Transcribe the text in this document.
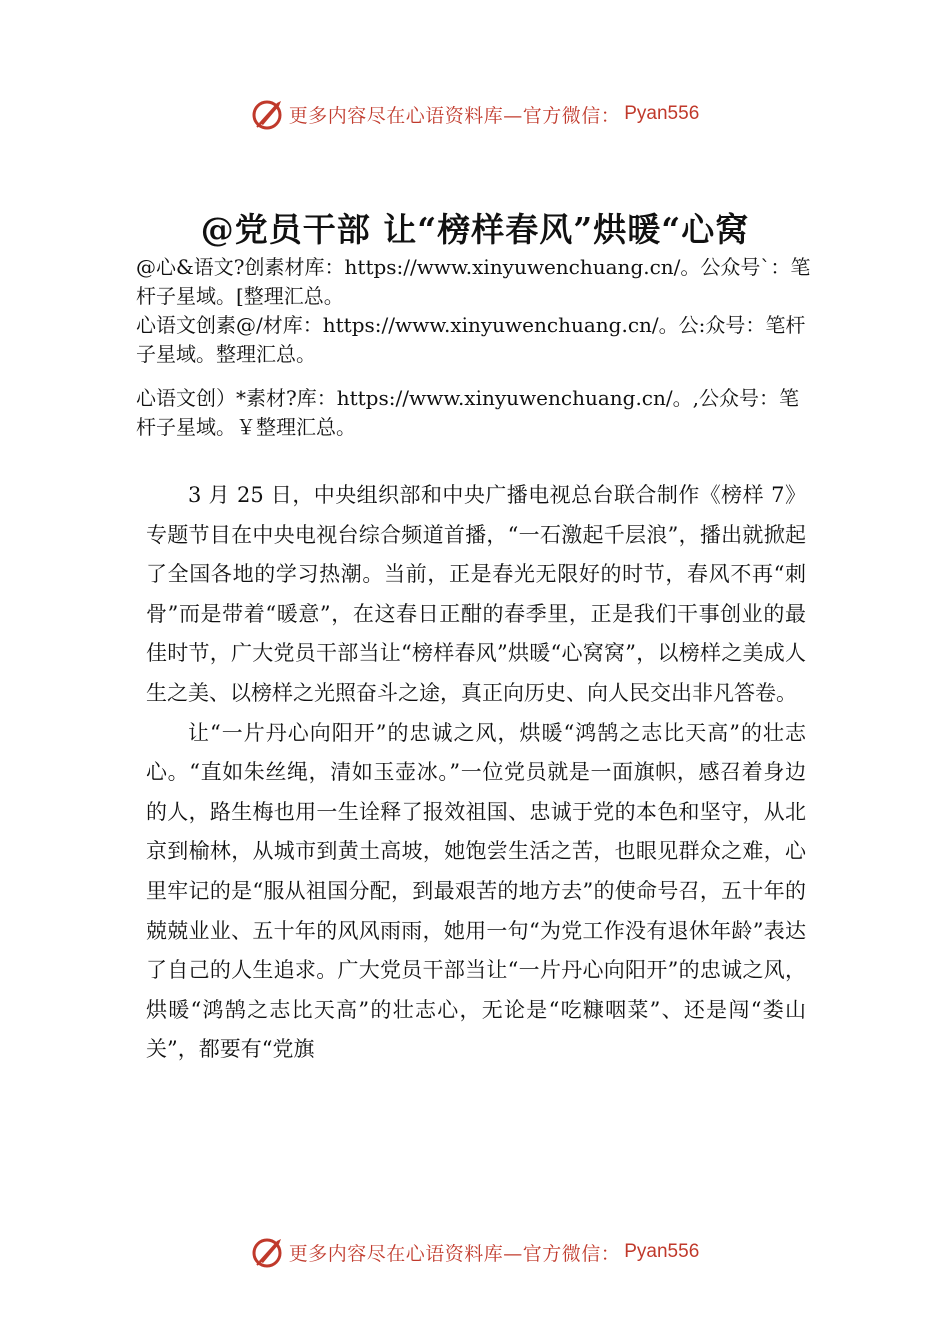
更多内容尽在心语资料库—官方微信： Pyan556
@党员干部 让“榜样春风”烘暖“心窝

@心&语文?创素材库：https://www.xinyuwenchuang.cn/。公众号`：笔杆子星域。[整理汇总。

心语文创素@/材库：https://www.xinyuwenchuang.cn/。公:众号：笔杆子星域。整理汇总。

心语文创）*素材?库：https://www.xinyuwenchuang.cn/。,公众号：笔杆子星域。￥整理汇总。

3 月 25 日，中央组织部和中央广播电视总台联合制作《榜样 7》专题节目在中央电视台综合频道首播，“一石激起千层浪”，播出就掀起了全国各地的学习热潮。当前，正是春光无限好的时节，春风不再“刺骨”而是带着“暖意”，在这春日正酣的春季里，正是我们干事创业的最佳时节，广大党员干部当让“榜样春风”烘暖“心窝窝”，以榜样之美成人生之美、以榜样之光照奋斗之途，真正向历史、向人民交出非凡答卷。

让“一片丹心向阳开”的忠诚之风，烘暖“鸿鹄之志比天高”的壮志心。“直如朱丝绳，清如玉壶冰。”一位党员就是一面旗帜，感召着身边的人，路生梅也用一生诠释了报效祖国、忠诚于党的本色和坚守，从北京到榆林，从城市到黄土高坡，她饱尝生活之苦，也眼见群众之难，心里牢记的是“服从祖国分配，到最艰苦的地方去”的使命号召，五十年的兢兢业业、五十年的风风雨雨，她用一句“为党工作没有退休年龄”表达了自己的人生追求。广大党员干部当让“一片丹心向阳开”的忠诚之风，烘暖“鸿鹄之志比天高”的壮志心，无论是“吃糠咽菜”、还是闯“娄山关”，都要有“党旗

更多内容尽在心语资料库—官方微信： Pyan556
